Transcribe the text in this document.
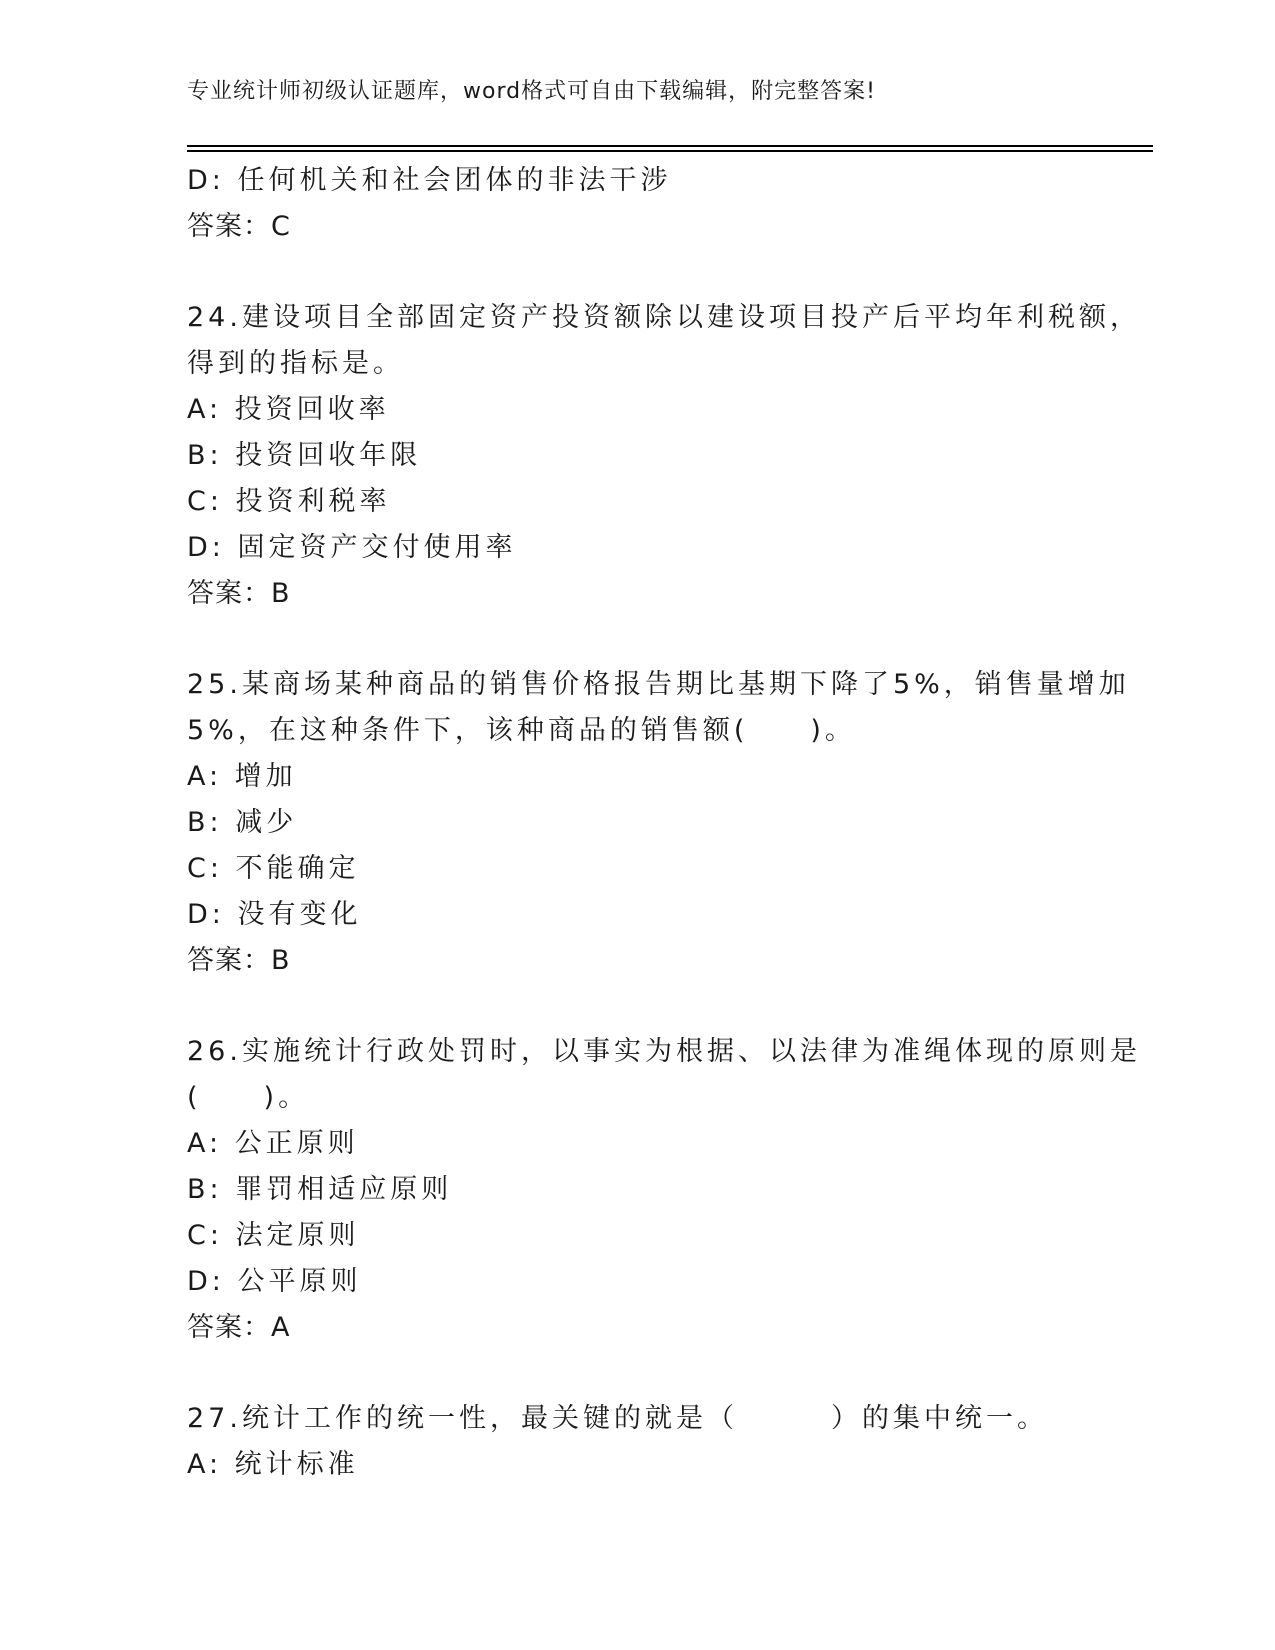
专业统计师初级认证题库，word格式可自由下载编辑，附完整答案!
D: 任何机关和社会团体的非法干涉
答案：C
24.建设项目全部固定资产投资额除以建设项目投产后平均年利税额，
得到的指标是。
A: 投资回收率
B: 投资回收年限
C: 投资利税率
D: 固定资产交付使用率
答案：B
25.某商场某种商品的销售价格报告期比基期下降了5%，销售量增加
5%，在这种条件下，该种商品的销售额(　　)。
A: 增加
B: 减少
C: 不能确定
D: 没有变化
答案：B
26.实施统计行政处罚时，以事实为根据、以法律为准绳体现的原则是
(　　)。
A: 公正原则
B: 罪罚相适应原则
C: 法定原则
D: 公平原则
答案：A
27.统计工作的统一性，最关键的就是（　　　）的集中统一。
A: 统计标准
